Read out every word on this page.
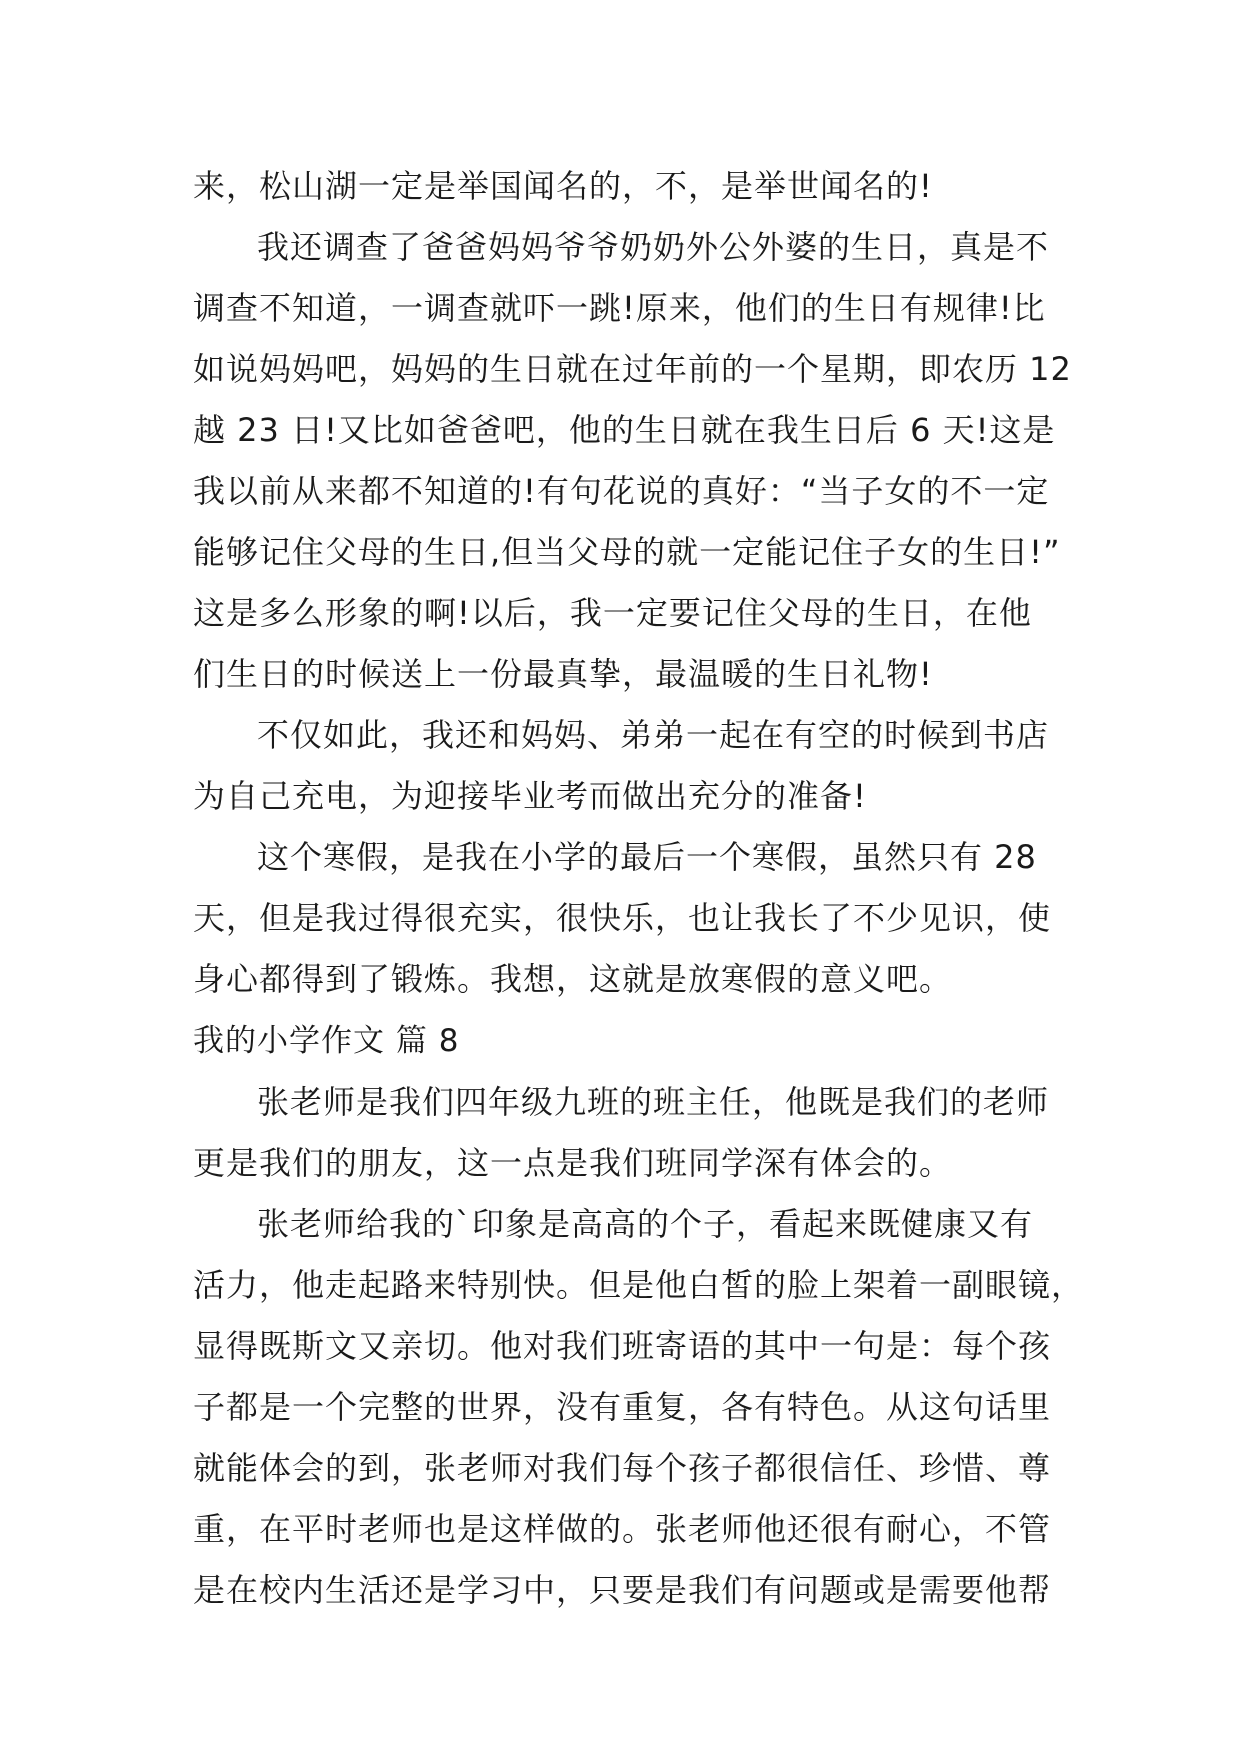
来，松山湖一定是举国闻名的，不，是举世闻名的!

我还调查了爸爸妈妈爷爷奶奶外公外婆的生日，真是不

调查不知道，一调查就吓一跳!原来，他们的生日有规律!比

如说妈妈吧，妈妈的生日就在过年前的一个星期，即农历 12

越 23 日!又比如爸爸吧，他的生日就在我生日后 6 天!这是

我以前从来都不知道的!有句花说的真好：“当子女的不一定

能够记住父母的生日,但当父母的就一定能记住子女的生日!”

这是多么形象的啊!以后，我一定要记住父母的生日，在他

们生日的时候送上一份最真挚，最温暖的生日礼物!

不仅如此，我还和妈妈、弟弟一起在有空的时候到书店

为自己充电，为迎接毕业考而做出充分的准备!

这个寒假，是我在小学的最后一个寒假，虽然只有 28

天，但是我过得很充实，很快乐，也让我长了不少见识，使

身心都得到了锻炼。我想，这就是放寒假的意义吧。

我的小学作文 篇 8

张老师是我们四年级九班的班主任，他既是我们的老师

更是我们的朋友，这一点是我们班同学深有体会的。

张老师给我的`印象是高高的个子，看起来既健康又有

活力，他走起路来特别快。但是他白皙的脸上架着一副眼镜，

显得既斯文又亲切。他对我们班寄语的其中一句是：每个孩

子都是一个完整的世界，没有重复，各有特色。从这句话里

就能体会的到，张老师对我们每个孩子都很信任、珍惜、尊

重，在平时老师也是这样做的。张老师他还很有耐心，不管

是在校内生活还是学习中，只要是我们有问题或是需要他帮
